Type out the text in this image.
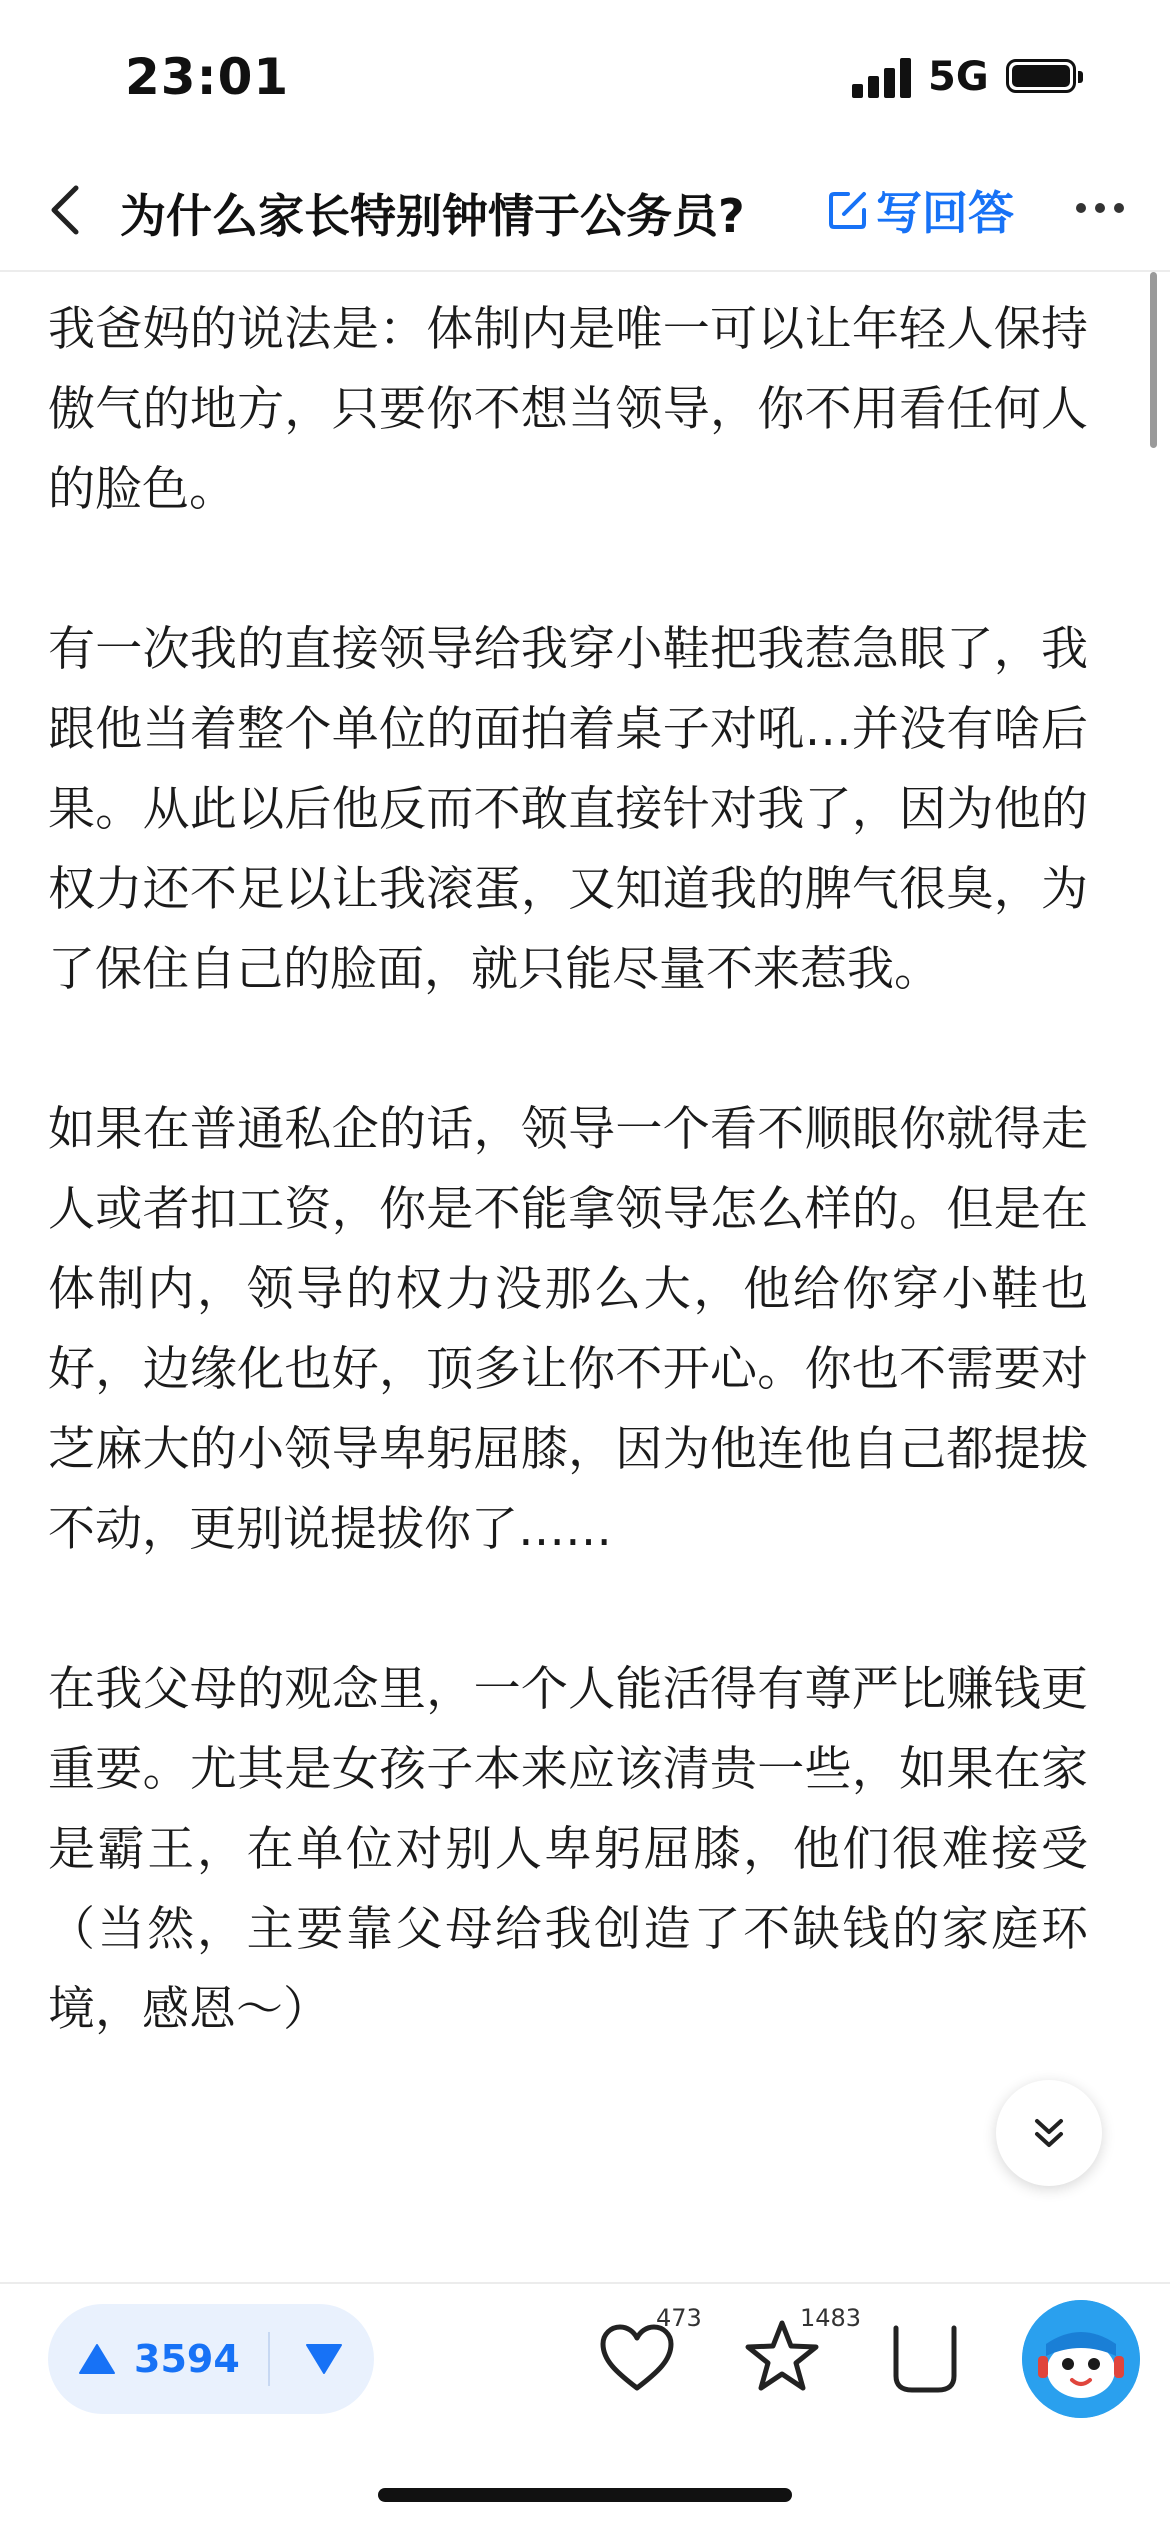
23:01	5G
为什么家长特别钟情于公务员?	写回答

我爸妈的说法是：体制内是唯一可以让年轻人保持傲气的地方，只要你不想当领导，你不用看任何人的脸色。

有一次我的直接领导给我穿小鞋把我惹急眼了，我跟他当着整个单位的面拍着桌子对吼…并没有啥后果。从此以后他反而不敢直接针对我了，因为他的权力还不足以让我滚蛋，又知道我的脾气很臭，为了保住自己的脸面，就只能尽量不来惹我。

如果在普通私企的话，领导一个看不顺眼你就得走人或者扣工资，你是不能拿领导怎么样的。但是在体制内，领导的权力没那么大，他给你穿小鞋也好，边缘化也好，顶多让你不开心。你也不需要对芝麻大的小领导卑躬屈膝，因为他连他自己都提拔不动，更别说提拔你了……

在我父母的观念里，一个人能活得有尊严比赚钱更重要。尤其是女孩子本来应该清贵一些，如果在家是霸王，在单位对别人卑躬屈膝，他们很难接受（当然，主要靠父母给我创造了不缺钱的家庭环境，感恩～）

3594
473	1483
